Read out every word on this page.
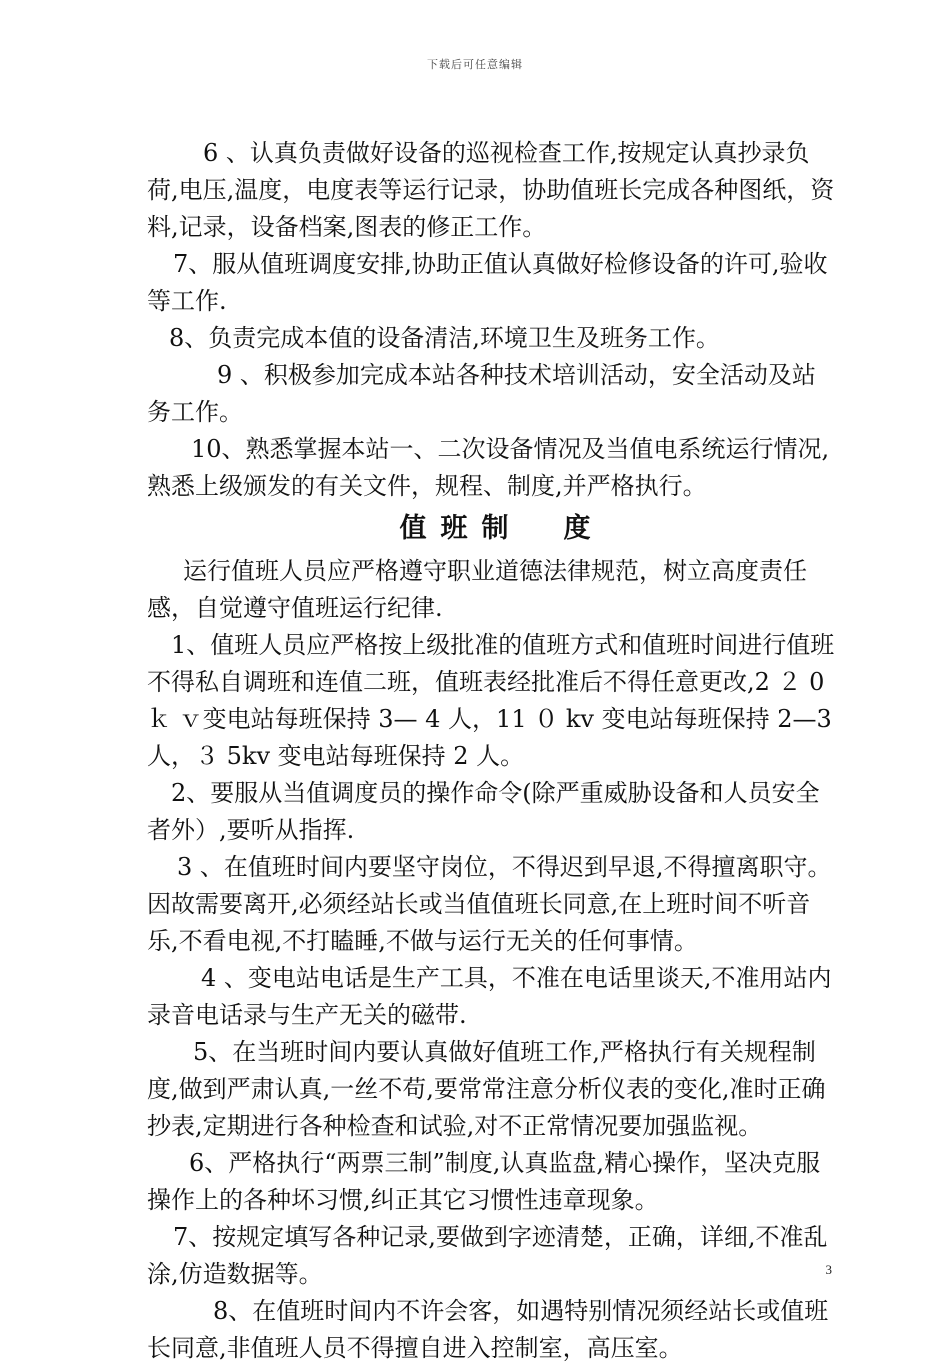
下载后可任意编辑

6 、认真负责做好设备的巡视检查工作,按规定认真抄录负荷,电压,温度，电度表等运行记录，协助值班长完成各种图纸，资料,记录，设备档案,图表的修正工作。

7、服从值班调度安排,协助正值认真做好检修设备的许可,验收等工作.

8、负责完成本值的设备清洁,环境卫生及班务工作。

9 、积极参加完成本站各种技术培训活动，安全活动及站务工作。

10、熟悉掌握本站一、二次设备情况及当值电系统运行情况,熟悉上级颁发的有关文件，规程、制度,并严格执行。

值班制　度

运行值班人员应严格遵守职业道德法律规范，树立高度责任感，自觉遵守值班运行纪律.

1、值班人员应严格按上级批准的值班方式和值班时间进行值班不得私自调班和连值二班，值班表经批准后不得任意更改,2 ２ 0 ｋ ｖ变电站每班保持 3— 4 人，11 ０ kv 变电站每班保持 2—3 人，３ 5kv 变电站每班保持 2 人。

2、要服从当值调度员的操作命令(除严重威胁设备和人员安全者外）,要听从指挥.

3 、在值班时间内要坚守岗位，不得迟到早退,不得擅离职守。因故需要离开,必须经站长或当值值班长同意,在上班时间不听音乐,不看电视,不打瞌睡,不做与运行无关的任何事情。

4 、变电站电话是生产工具，不准在电话里谈天,不准用站内录音电话录与生产无关的磁带.

5、在当班时间内要认真做好值班工作,严格执行有关规程制度,做到严肃认真,一丝不苟,要常常注意分析仪表的变化,准时正确抄表,定期进行各种检查和试验,对不正常情况要加强监视。

6、严格执行“两票三制”制度,认真监盘,精心操作，坚决克服操作上的各种坏习惯,纠正其它习惯性违章现象。

7、按规定填写各种记录,要做到字迹清楚，正确，详细,不准乱涂,仿造数据等。

8、在值班时间内不许会客，如遇特别情况须经站长或值班长同意,非值班人员不得擅自进入控制室，高压室。

3
